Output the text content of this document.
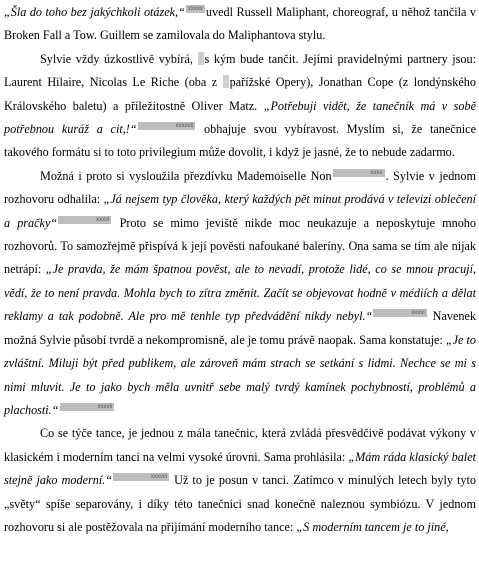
„Šla do toho bez jakýchkoli otázek,“ xxxxx uvedl Russell Maliphant, choreograf, u něhož tančila v Broken Fall a Tow. Guillem se zamilovala do Maliphantova stylu.

Sylvie vždy úzkostlivě vybírá, s kým bude tančit. Jejími pravidelnými partnery jsou: Laurent Hilaire, Nicolas Le Riche (oba z pařížské Opery), Jonathan Cope (z londýnského Královského baletu) a příležitostně Oliver Matz. „Potřebuji vidět, že tanečník má v sobě potřebnou kuráž a cit,!“	xxxxvii obhajuje svou vybíravost. Myslím si, že tanečnice takového formátu si to toto privilegium může dovolit, i když je jasné, že to nebude zadarmo.

Možná i proto si vysloužila přezdívku Mademoiselle Non	xxxv . Sylvie v jednom rozhovoru odhalila: „Já nejsem typ člověka, který každých pět minut prodává v televizi oblečení a pračky“	xxxvi Proto se mimo jeviště nikde moc neukazuje a neposkytuje mnoho rozhovorů. To samozřejmě přispívá k její pověsti nafoukané baleríny. Ona sama se tím ale nijak netrápí: „Je pravda, že mám špatnou pověst, ale to nevadí, protože lidé, co se mnou pracují, vědí, že to není pravda. Mohla bych to zítra změnit. Začít se objevovat hodně v médiích a dělat reklamy a tak podobně. Ale pro mě tenhle typ předvádění nikdy nebyl.“	xxxvi Navenek možná Sylvie působí tvrdě a nekompromisně, ale je tomu právě naopak. Sama konstatuje: „Je to zvláštní. Miluji být před publikem, ale zároveň mám strach se setkání s lidmi. Nechce se mi s nimi mluvit. Je to jako bych měla uvnitř sebe malý tvrdý kamínek pochybností, problémů a plachosti.“	xxxvii

Co se týče tance, je jednou z mála tanečnic, která zvládá přesvědčivě podávat výkony v klasickém i moderním tanci na velmi vysoké úrovni. Sama prohlásila: „Mám ráda klasický balet stejně jako moderní.“	xxxviii Už to je posun v tanci. Zatímco v minulých letech byly tyto „světy“ spíše separovány, i díky této tanečnici snad konečně naleznou symbiózu. V jednom rozhovoru si ale postěžovala na přijímání moderního tance: „S moderním tancem je to jiné,
